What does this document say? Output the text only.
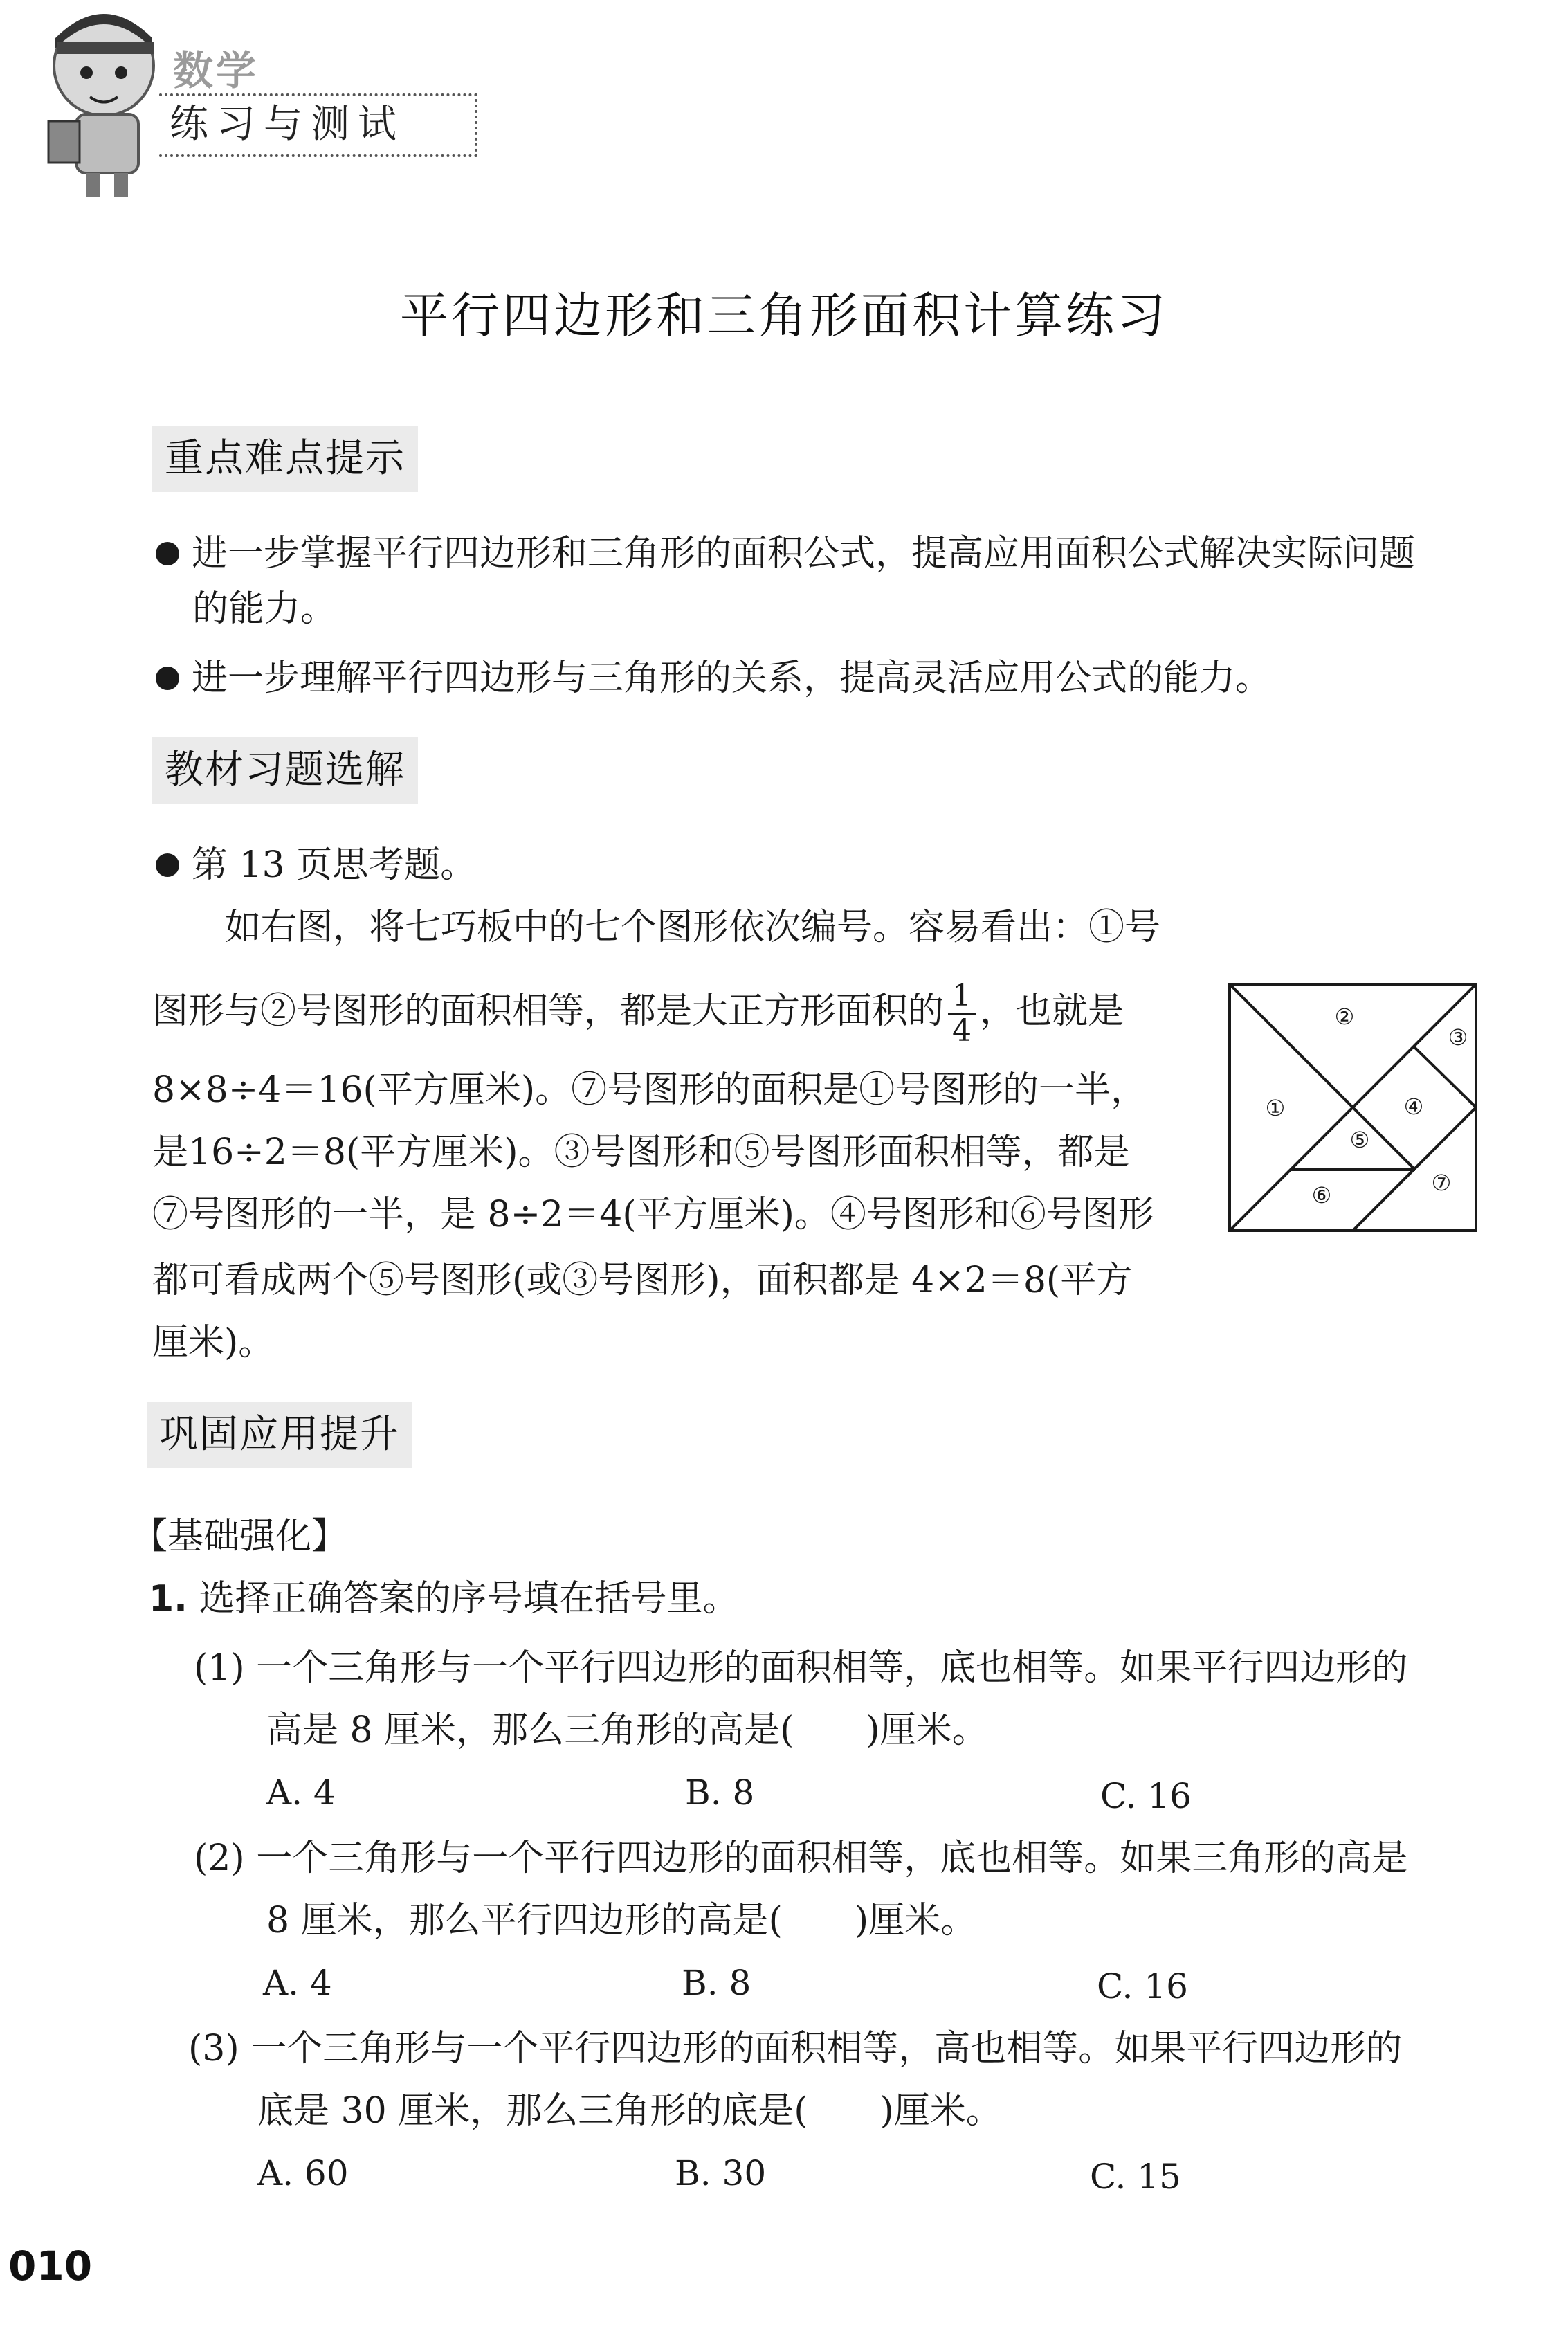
数学
练习与测试
平行四边形和三角形面积计算练习
重点难点提示
进一步掌握平行四边形和三角形的面积公式，提高应用面积公式解决实际问题
的能力。
进一步理解平行四边形与三角形的关系，提高灵活应用公式的能力。
教材习题选解
第 13 页思考题。
如右图，将七巧板中的七个图形依次编号。容易看出：①号
图形与②号图形的面积相等，都是大正方形面积的 $\frac{1}{4}$ ，也就是
8×8÷4＝16(平方厘米)。⑦号图形的面积是①号图形的一半，
是16÷2＝8(平方厘米)。③号图形和⑤号图形面积相等，都是
⑦号图形的一半，是 8÷2＝4(平方厘米)。④号图形和⑥号图形
都可看成两个⑤号图形(或③号图形)，面积都是 4×2＝8(平方
厘米)。
①
②
③
④
⑤
⑥	⑦
巩固应用提升
【基础强化】
1. 选择正确答案的序号填在括号里。
(1) 一个三角形与一个平行四边形的面积相等，底也相等。如果平行四边形的
高是 8 厘米，那么三角形的高是(　　)厘米。
A. 4	B. 8	C. 16
(2) 一个三角形与一个平行四边形的面积相等，底也相等。如果三角形的高是
8 厘米，那么平行四边形的高是(　　)厘米。
A. 4	B. 8	C. 16
(3) 一个三角形与一个平行四边形的面积相等，高也相等。如果平行四边形的
底是 30 厘米，那么三角形的底是(　　)厘米。
A. 60	B. 30	C. 15
010
